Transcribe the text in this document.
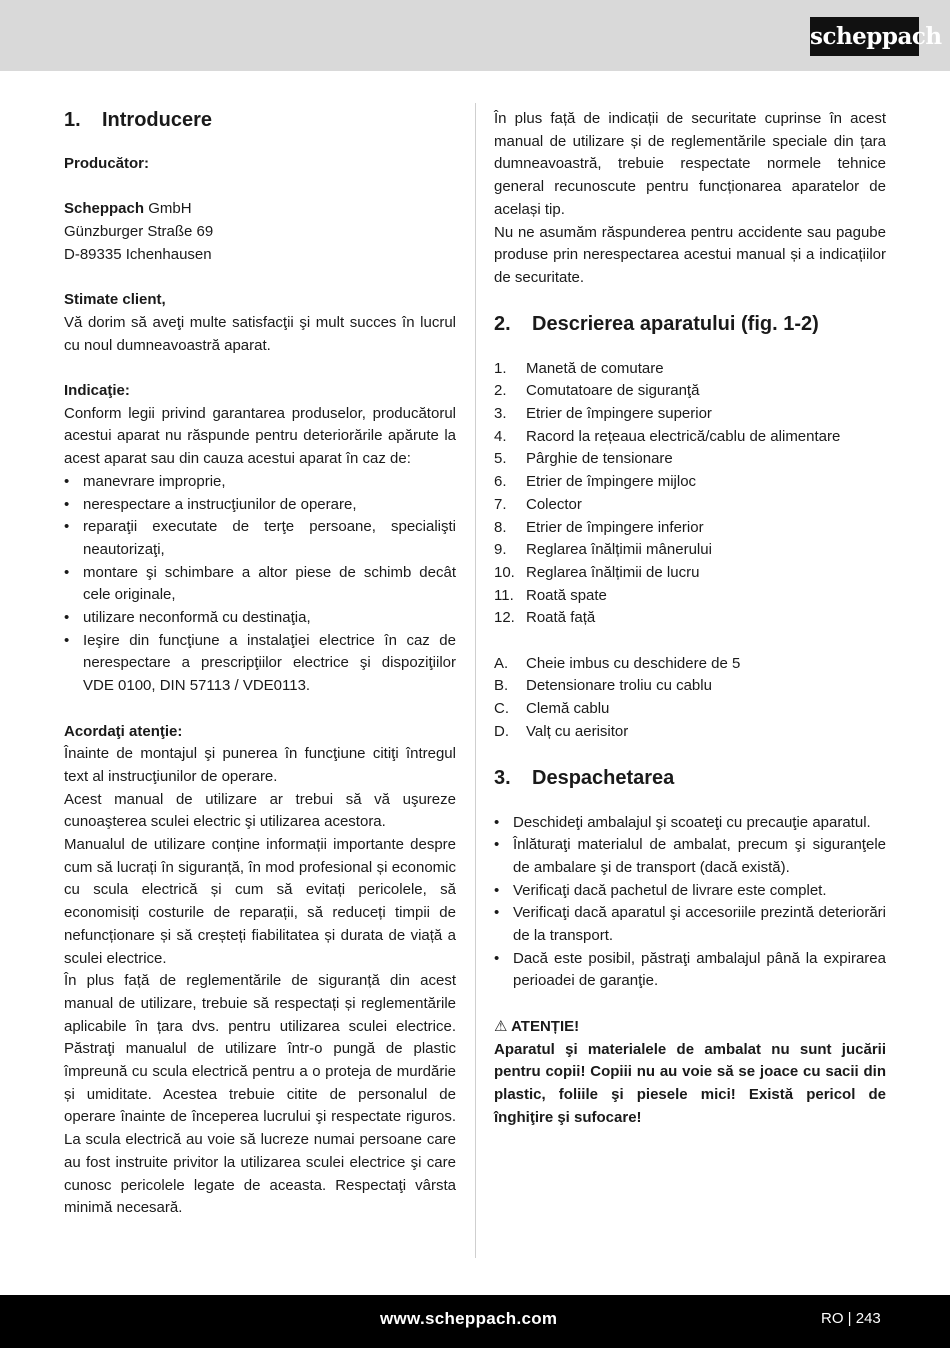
scheppach
1.	Introducere

Producător:

Scheppach GmbH

Günzburger Straße 69

D-89335 Ichenhausen

Stimate client,

Vă dorim să aveţi multe satisfacţii şi mult succes în lucrul cu noul dumneavoastră aparat.

Indicaţie:

Conform legii privind garantarea produselor, producătorul acestui aparat nu răspunde pentru deteriorările apărute la acest aparat sau din cauza acestui aparat în caz de:

• manevrare improprie,
• nerespectare a instrucţiunilor de operare,
• reparaţii executate de terţe persoane, specialişti neautorizaţi,
• montare şi schimbare a altor piese de schimb decât cele originale,
• utilizare neconformă cu destinaţia,
• Ieşire din funcţiune a instalaţiei electrice în caz de nerespectare a prescripţiilor electrice şi dispoziţiilor VDE 0100, DIN 57113 / VDE0113.

Acordaţi atenţie:

Înainte de montajul şi punerea în funcţiune citiţi întregul text al instrucţiunilor de operare.

Acest manual de utilizare ar trebui să vă uşureze cunoaşterea sculei electric şi utilizarea acestora.

Manualul de utilizare conține informații importante despre cum să lucrați în siguranță, în mod profesional și economic cu scula electrică și cum să evitați pericolele, să economisiți costurile de reparații, să reduceți timpii de nefuncționare și să creșteți fiabilitatea și durata de viață a sculei electrice.

În plus față de reglementările de siguranță din acest manual de utilizare, trebuie să respectați și reglementările aplicabile în țara dvs. pentru utilizarea sculei electrice. Păstraţi manualul de utilizare într-o pungă de plastic împreună cu scula electrică pentru a o proteja de murdărie și umiditate. Acestea trebuie citite de personalul de operare înainte de începerea lucrului şi respectate riguros. La scula electrică au voie să lucreze numai persoane care au fost instruite privitor la utilizarea sculei electrice şi care cunosc pericolele legate de aceasta. Respectaţi vârsta minimă necesară.

În plus față de indicații de securitate cuprinse în acest manual de utilizare și de reglementările speciale din țara dumneavoastră, trebuie respectate normele tehnice general recunoscute pentru funcționarea aparatelor de același tip.

Nu ne asumăm răspunderea pentru accidente sau pagube produse prin nerespectarea acestui manual și a indicațiilor de securitate.

2.	Descrierea aparatului (fig. 1-2)
1.	Manetă de comutare
2.	Comutatoare de siguranţă
3.	Etrier de împingere superior
4.	Racord la rețeaua electrică/cablu de alimentare
5.	Pârghie de tensionare
6.	Etrier de împingere mijloc
7.	Colector
8.	Etrier de împingere inferior
9.	Reglarea înălțimii mânerului
10. Reglarea înălțimii de lucru
11. Roată spate
12. Roată față
A.	Cheie imbus cu deschidere de 5
B.	Detensionare troliu cu cablu
C.	Clemă cablu
D.	Valț cu aerisitor
3.	Despachetarea
• Deschideţi ambalajul şi scoateţi cu precauţie aparatul.
• Înlăturaţi materialul de ambalat, precum şi siguranţele de ambalare şi de transport (dacă există).
• Verificaţi dacă pachetul de livrare este complet.
• Verificaţi dacă aparatul şi accesoriile prezintă deteriorări de la transport.
• Dacă este posibil, păstraţi ambalajul până la expirarea perioadei de garanţie.

⚠ ATENȚIE!

Aparatul şi materialele de ambalat nu sunt jucării pentru copii! Copiii nu au voie să se joace cu sacii din plastic, foliile şi piesele mici! Există pericol de înghiţire şi sufocare!

www.scheppach.com	RO | 243
